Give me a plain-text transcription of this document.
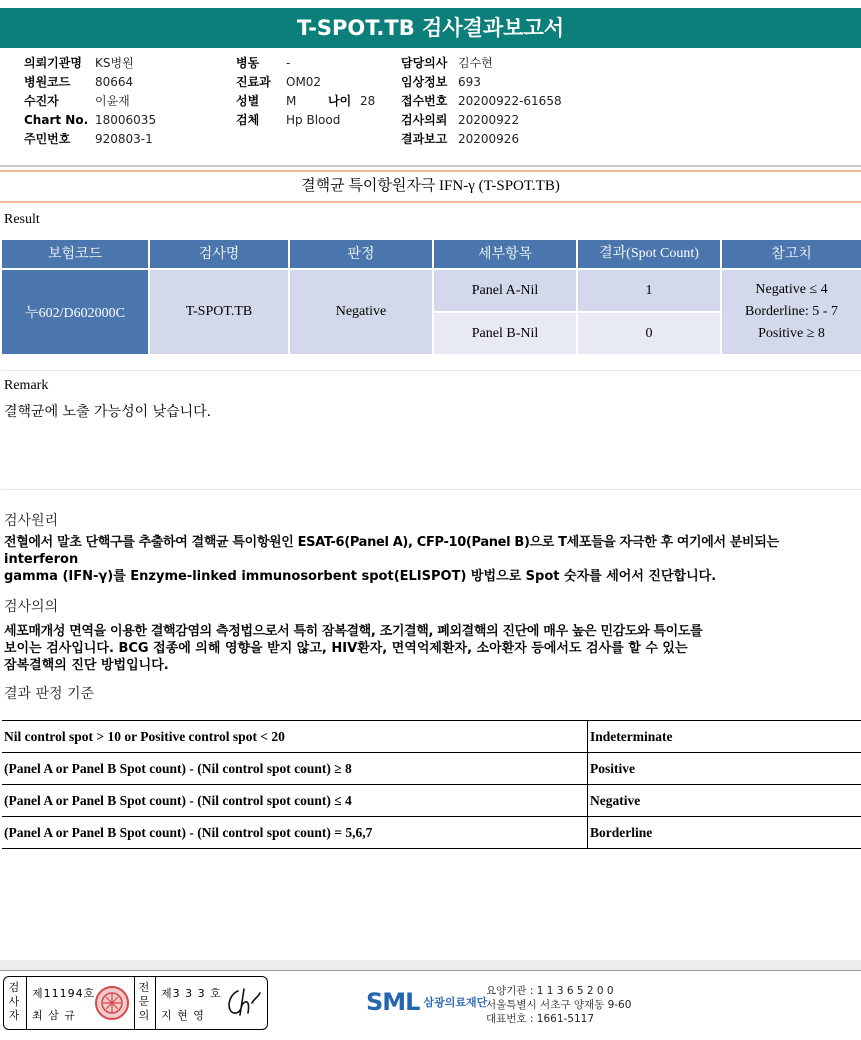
T-SPOT.TB 검사결과보고서
의뢰기관명 KS병원
병원코드 80664
수진자	이윤재
Chart No. 18006035
주민번호 920803-1
병동 -
진료과 OM02
성별 M	나이 28
검체 Hp Blood
담당의사 김수현
임상정보 693
접수번호 20200922-61658
검사의뢰 20200922
결과보고 20200926
결핵균 특이항원자극 IFN-γ (T-SPOT.TB)
Result
보험코드	검사명	판정	세부항목	결과(Spot Count)	참고치
누602/D602000C	T-SPOT.TB	Negative
Panel A-Nil	1
Panel B-Nil	0
Negative ≤ 4
Borderline: 5 - 7
Positive ≥ 8
Remark
결핵균에 노출 가능성이 낮습니다.
검사원리
전혈에서 말초 단핵구를 추출하여 결핵균 특이항원인 ESAT-6(Panel A), CFP-10(Panel B)으로 T세포들을 자극한 후 여기에서 분비되는
interferon
gamma (IFN-γ)를 Enzyme-linked immunosorbent spot(ELISPOT) 방법으로 Spot 숫자를 세어서 진단합니다.
검사의의
세포매개성 면역을 이용한 결핵감염의 측정법으로서 특히 잠복결핵, 조기결핵, 폐외결핵의 진단에 매우 높은 민감도와 특이도를
보이는 검사입니다. BCG 접종에 의해 영향을 받지 않고, HIV환자, 면역억제환자, 소아환자 등에서도 검사를 할 수 있는
잠복결핵의 진단 방법입니다.
결과 판정 기준
Nil control spot > 10 or Positive control spot < 20	Indeterminate
(Panel A or Panel B Spot count) - (Nil control spot count) ≥ 8	Positive
(Panel A or Panel B Spot count) - (Nil control spot count) ≤ 4	Negative
(Panel A or Panel B Spot count) - (Nil control spot count) = 5,6,7	Borderline
검
사
자
제11194호
최 삼 규
전
문
의
제3 3 3 호
지 현 영	SML 삼광의료재단
요양기관 : 1 1 3 6 5 2 0 0
서울특별시 서초구 양재동 9-60
대표번호 : 1661-5117
